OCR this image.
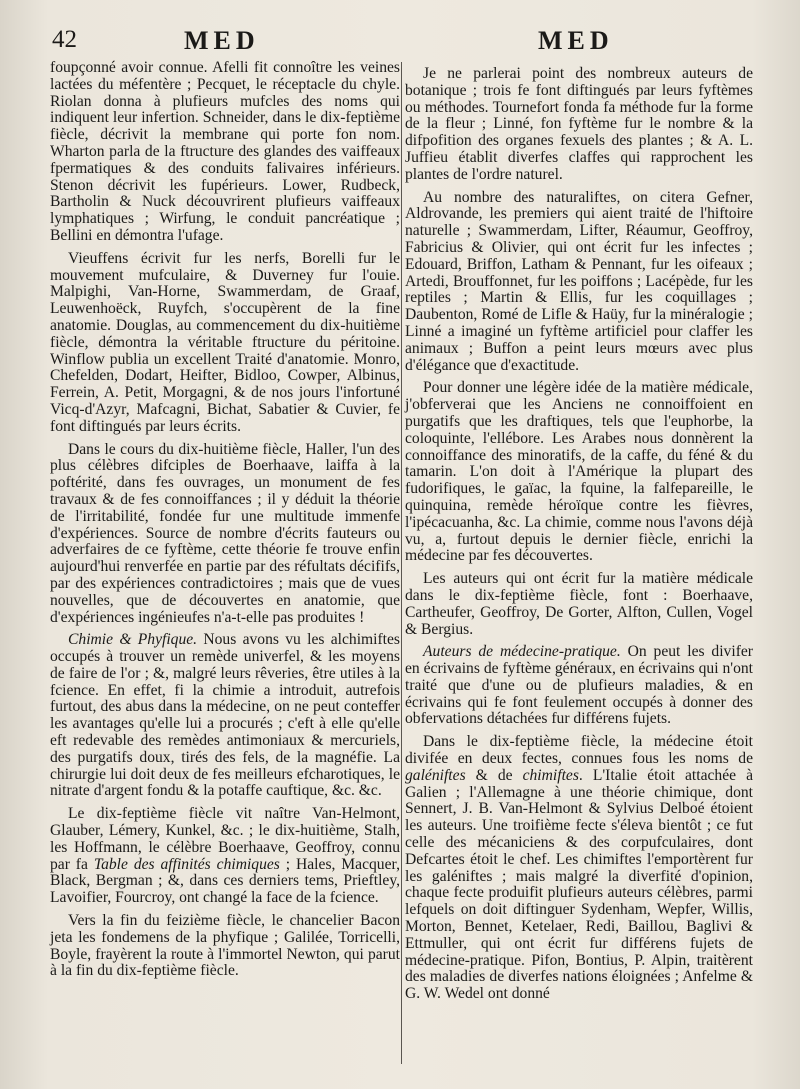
42	MED	MED

foupçonné avoir connue. Afelli fit connoître les veines lactées du méfentère ; Pecquet, le réceptacle du chyle. Riolan donna à plufieurs mufcles des noms qui indiquent leur infertion. Schneider, dans le dix-feptième fiècle, décrivit la membrane qui porte fon nom. Wharton parla de la ftructure des glandes des vaiffeaux fpermatiques & des conduits falivaires inférieurs. Stenon décrivit les fupérieurs. Lower, Rudbeck, Bartholin & Nuck découvrirent plufieurs vaiffeaux lymphatiques ; Wirfung, le conduit pancréatique ; Bellini en démontra l'ufage.

Vieuffens écrivit fur les nerfs, Borelli fur le mouvement mufculaire, & Duverney fur l'ouie. Malpighi, Van-Horne, Swammerdam, de Graaf, Leuwenhoëck, Ruyfch, s'occupèrent de la fine anatomie. Douglas, au commencement du dix-huitième fiècle, démontra la véritable ftructure du péritoine. Winflow publia un excellent Traité d'anatomie. Monro, Chefelden, Dodart, Heifter, Bidloo, Cowper, Albinus, Ferrein, A. Petit, Morgagni, & de nos jours l'infortuné Vicq-d'Azyr, Mafcagni, Bichat, Sabatier & Cuvier, fe font diftingués par leurs écrits.

Dans le cours du dix-huitième fiècle, Haller, l'un des plus célèbres difciples de Boerhaave, laiffa à la poftérité, dans fes ouvrages, un monument de fes travaux & de fes connoiffances ; il y déduit la théorie de l'irritabilité, fondée fur une multitude immenfe d'expériences. Source de nombre d'écrits fauteurs ou adverfaires de ce fyftème, cette théorie fe trouve enfin aujourd'hui renverfée en partie par des réfultats décififs, par des expériences contradictoires ; mais que de vues nouvelles, que de découvertes en anatomie, que d'expériences ingénieufes n'a-t-elle pas produites !

Chimie & Phyfique. Nous avons vu les alchimiftes occupés à trouver un remède univerfel, & les moyens de faire de l'or ; &, malgré leurs rêveries, être utiles à la fcience. En effet, fi la chimie a introduit, autrefois furtout, des abus dans la médecine, on ne peut conteffer les avantages qu'elle lui a procurés ; c'eft à elle qu'elle eft redevable des remèdes antimoniaux & mercuriels, des purgatifs doux, tirés des fels, de la magnéfie. La chirurgie lui doit deux de fes meilleurs efcharotiques, le nitrate d'argent fondu & la potaffe cauftique, &c. &c.

Le dix-feptième fiècle vit naître Van-Helmont, Glauber, Lémery, Kunkel, &c. ; le dix-huitième, Stalh, les Hoffmann, le célèbre Boerhaave, Geoffroy, connu par fa Table des affinités chimiques ; Hales, Macquer, Black, Bergman ; &, dans ces derniers tems, Prieftley, Lavoifier, Fourcroy, ont changé la face de la fcience.

Vers la fin du feizième fiècle, le chancelier Bacon jeta les fondemens de la phyfique ; Galilée, Torricelli, Boyle, frayèrent la route à l'immortel Newton, qui parut à la fin du dix-feptième fiècle.

Je ne parlerai point des nombreux auteurs de botanique ; trois fe font diftingués par leurs fyftèmes ou méthodes. Tournefort fonda fa méthode fur la forme de la fleur ; Linné, fon fyftème fur le nombre & la difpofition des organes fexuels des plantes ; & A. L. Juffieu établit diverfes claffes qui rapprochent les plantes de l'ordre naturel.

Au nombre des naturaliftes, on citera Gefner, Aldrovande, les premiers qui aient traité de l'hiftoire naturelle ; Swammerdam, Lifter, Réaumur, Geoffroy, Fabricius & Olivier, qui ont écrit fur les infectes ; Edouard, Briffon, Latham & Pennant, fur les oifeaux ; Artedi, Brouffonnet, fur les poiffons ; Lacépède, fur les reptiles ; Martin & Ellis, fur les coquillages ; Daubenton, Romé de Lifle & Haüy, fur la minéralogie ; Linné a imaginé un fyftème artificiel pour claffer les animaux ; Buffon a peint leurs mœurs avec plus d'élégance que d'exactitude.

Pour donner une légère idée de la matière médicale, j'obferverai que les Anciens ne connoiffoient en purgatifs que les draftiques, tels que l'euphorbe, la coloquinte, l'ellébore. Les Arabes nous donnèrent la connoiffance des minoratifs, de la caffe, du féné & du tamarin. L'on doit à l'Amérique la plupart des fudorifiques, le gaïac, la fquine, la falfepareille, le quinquina, remède héroïque contre les fièvres, l'ipécacuanha, &c. La chimie, comme nous l'avons déjà vu, a, furtout depuis le dernier fiècle, enrichi la médecine par fes découvertes.

Les auteurs qui ont écrit fur la matière médicale dans le dix-feptième fiècle, font : Boerhaave, Cartheufer, Geoffroy, De Gorter, Alfton, Cullen, Vogel & Bergius.

Auteurs de médecine-pratique. On peut les divifer en écrivains de fyftème généraux, en écrivains qui n'ont traité que d'une ou de plufieurs maladies, & en écrivains qui fe font feulement occupés à donner des obfervations détachées fur différens fujets.

Dans le dix-feptième fiècle, la médecine étoit divifée en deux fectes, connues fous les noms de galéniftes & de chimiftes. L'Italie étoit attachée à Galien ; l'Allemagne à une théorie chimique, dont Sennert, J. B. Van-Helmont & Sylvius Delboé étoient les auteurs. Une troifième fecte s'éleva bientôt ; ce fut celle des mécaniciens & des corpufculaires, dont Defcartes étoit le chef. Les chimiftes l'emportèrent fur les galéniftes ; mais malgré la diverfité d'opinion, chaque fecte produifit plufieurs auteurs célèbres, parmi lefquels on doit diftinguer Sydenham, Wepfer, Willis, Morton, Bennet, Ketelaer, Redi, Baillou, Baglivi & Ettmuller, qui ont écrit fur différens fujets de médecine-pratique. Pifon, Bontius, P. Alpin, traitèrent des maladies de diverfes nations éloignées ; Anfelme & G. W. Wedel ont donné
